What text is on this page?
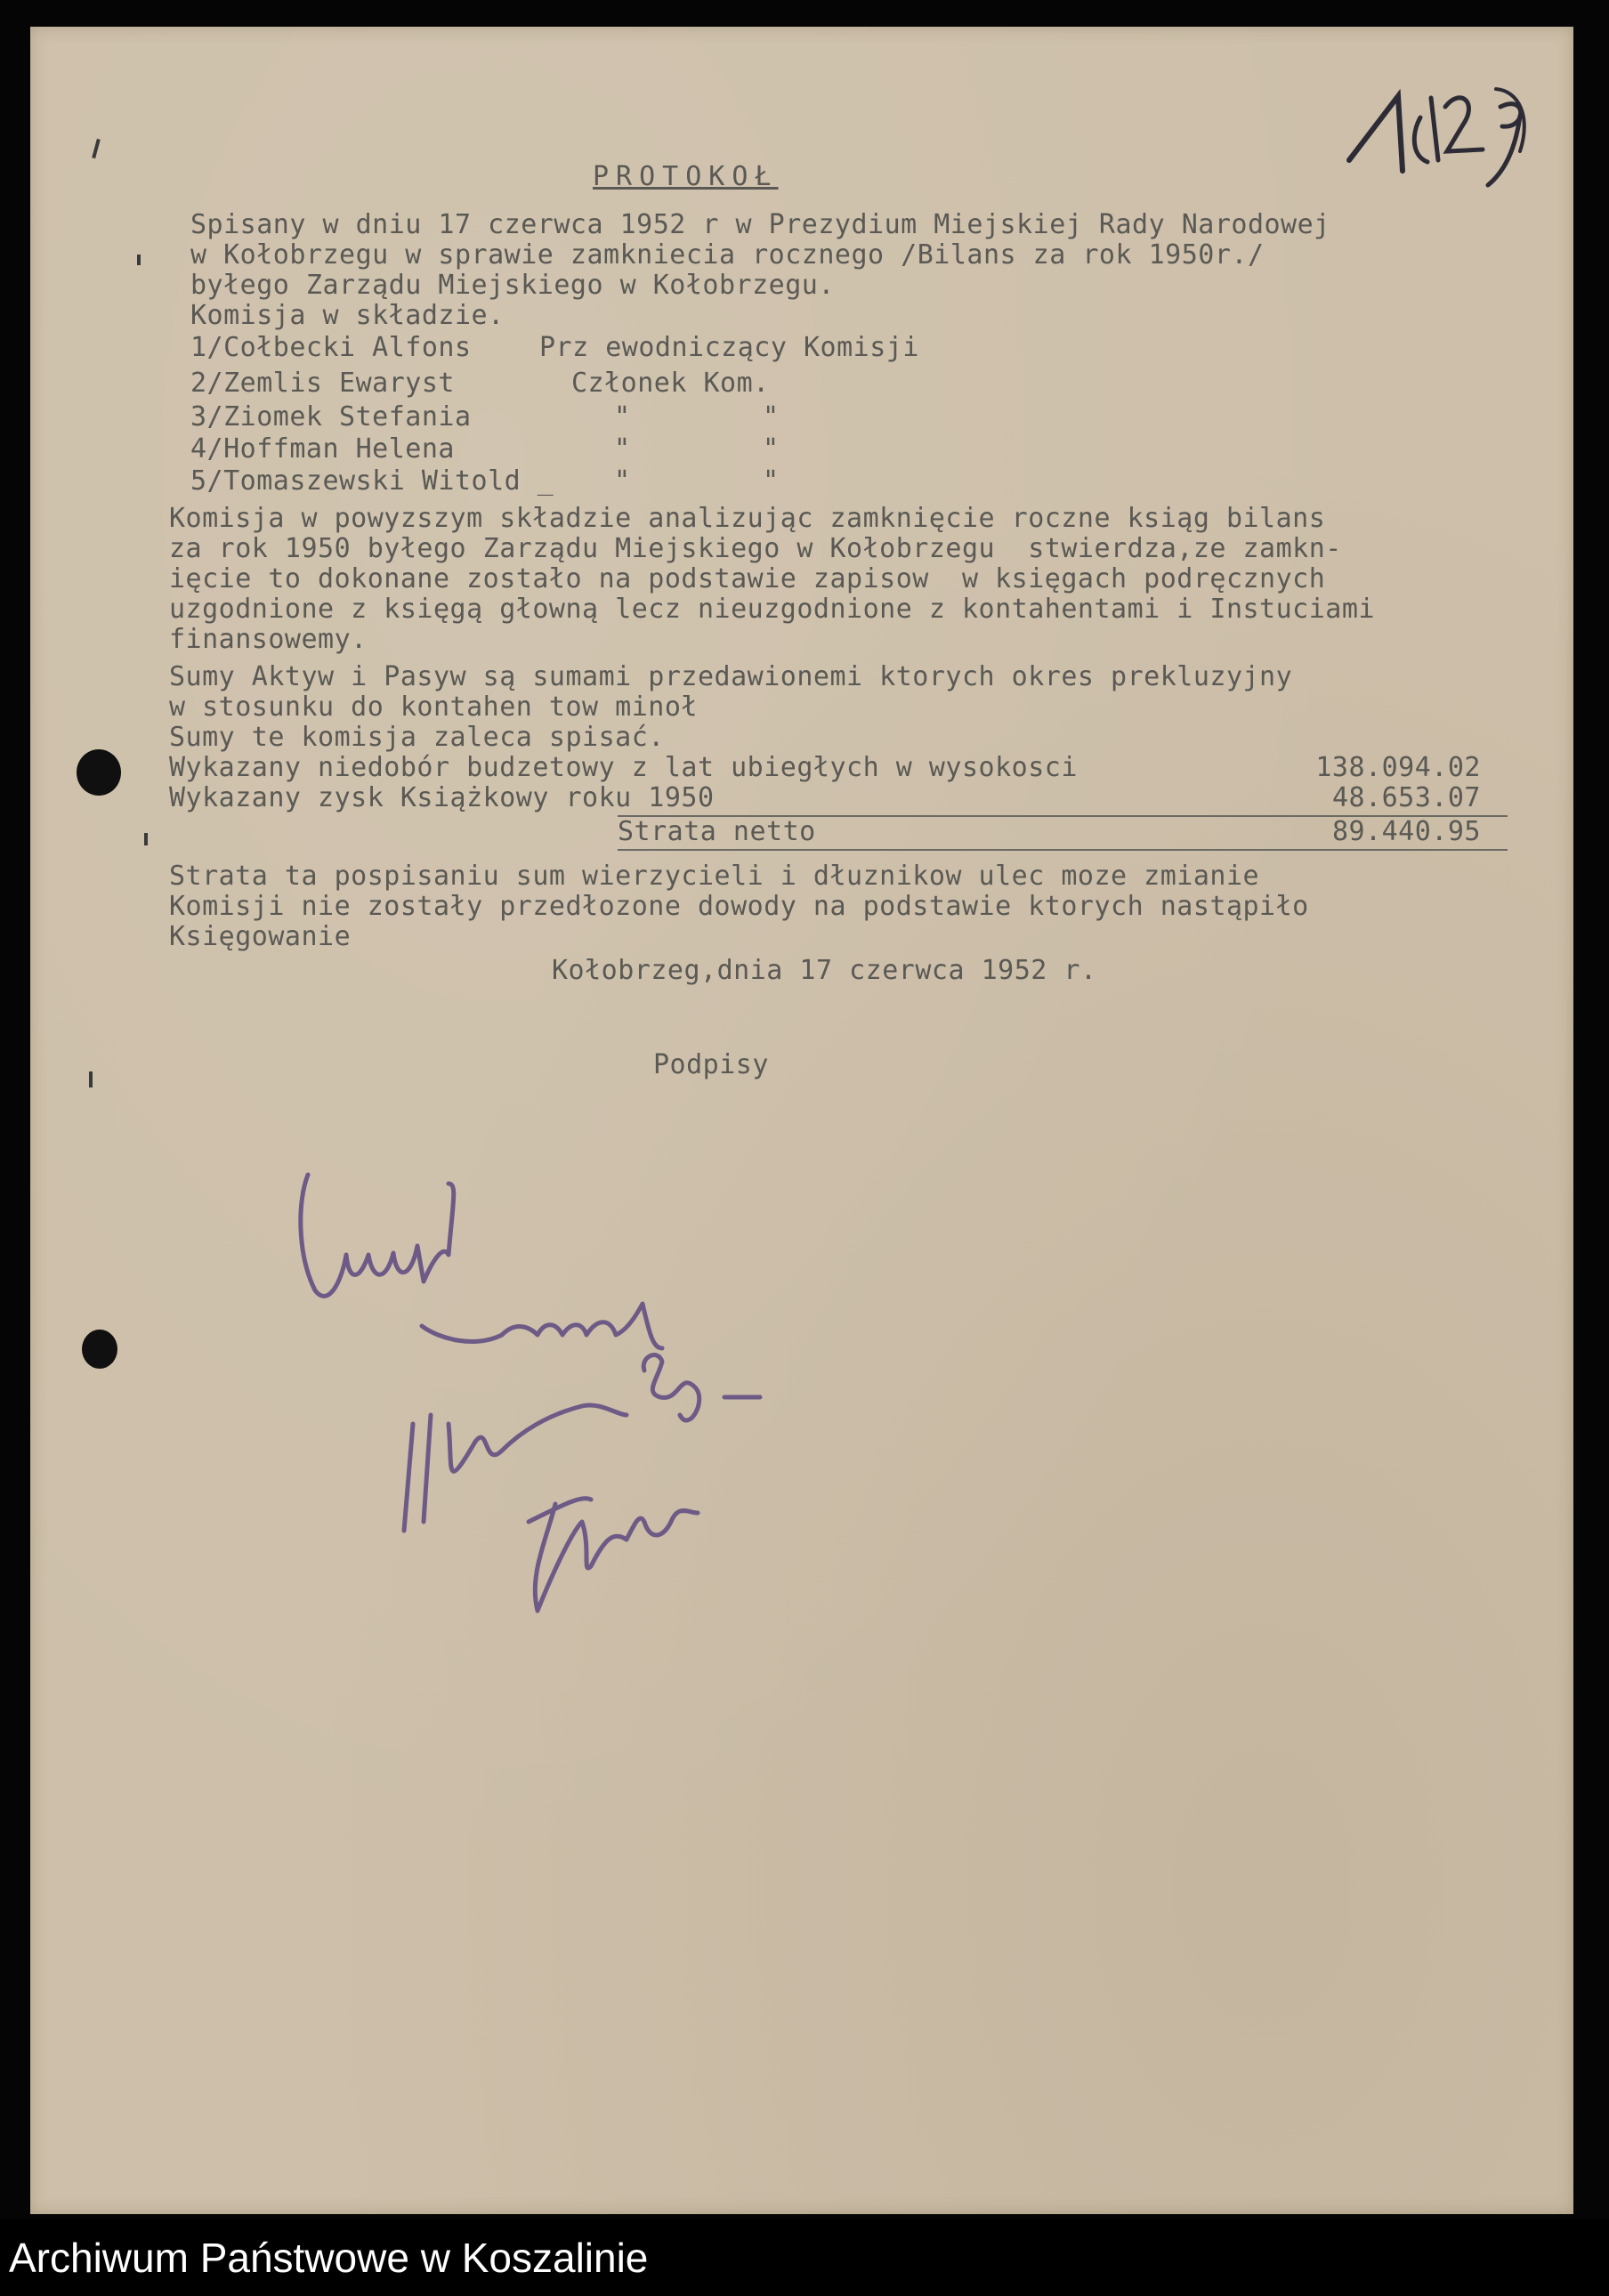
PROTOKOŁ
Spisany w dniu 17 czerwca 1952 r w Prezydium Miejskiej Rady Narodowej
w Kołobrzegu w sprawie zamkniecia rocznego /Bilans za rok 1950r./
byłego Zarządu Miejskiego w Kołobrzegu.
Komisja w składzie.
1/Cołbecki Alfons	Prz ewodniczący Komisji
2/Zemlis Ewaryst	Członek Kom.
3/Ziomek Stefania	"        "
4/Hoffman Helena	"        "
5/Tomaszewski Witold _ "        "
Komisja w powyzszym składzie analizując zamknięcie roczne ksiąg bilans
za rok 1950 byłego Zarządu Miejskiego w Kołobrzegu  stwierdza,ze zamkn-
ięcie to dokonane zostało na podstawie zapisow  w księgach podręcznych
uzgodnione z księgą głowną lecz nieuzgodnione z kontahentami i Instuciami
finansowemy.
Sumy Aktyw i Pasyw są sumami przedawionemi ktorych okres prekluzyjny
w stosunku do kontahen tow minoł
Sumy te komisja zaleca spisać.
Wykazany niedobór budzetowy z lat ubiegłych w wysokosci	138.094.02
Wykazany zysk Książkowy roku 1950	48.653.07
Strata netto	89.440.95
Strata ta pospisaniu sum wierzycieli i dłuznikow ulec moze zmianie
Komisji nie zostały przedłozone dowody na podstawie ktorych nastąpiło
Księgowanie
Kołobrzeg,dnia 17 czerwca 1952 r.
Podpisy
Archiwum Państwowe w Koszalinie
